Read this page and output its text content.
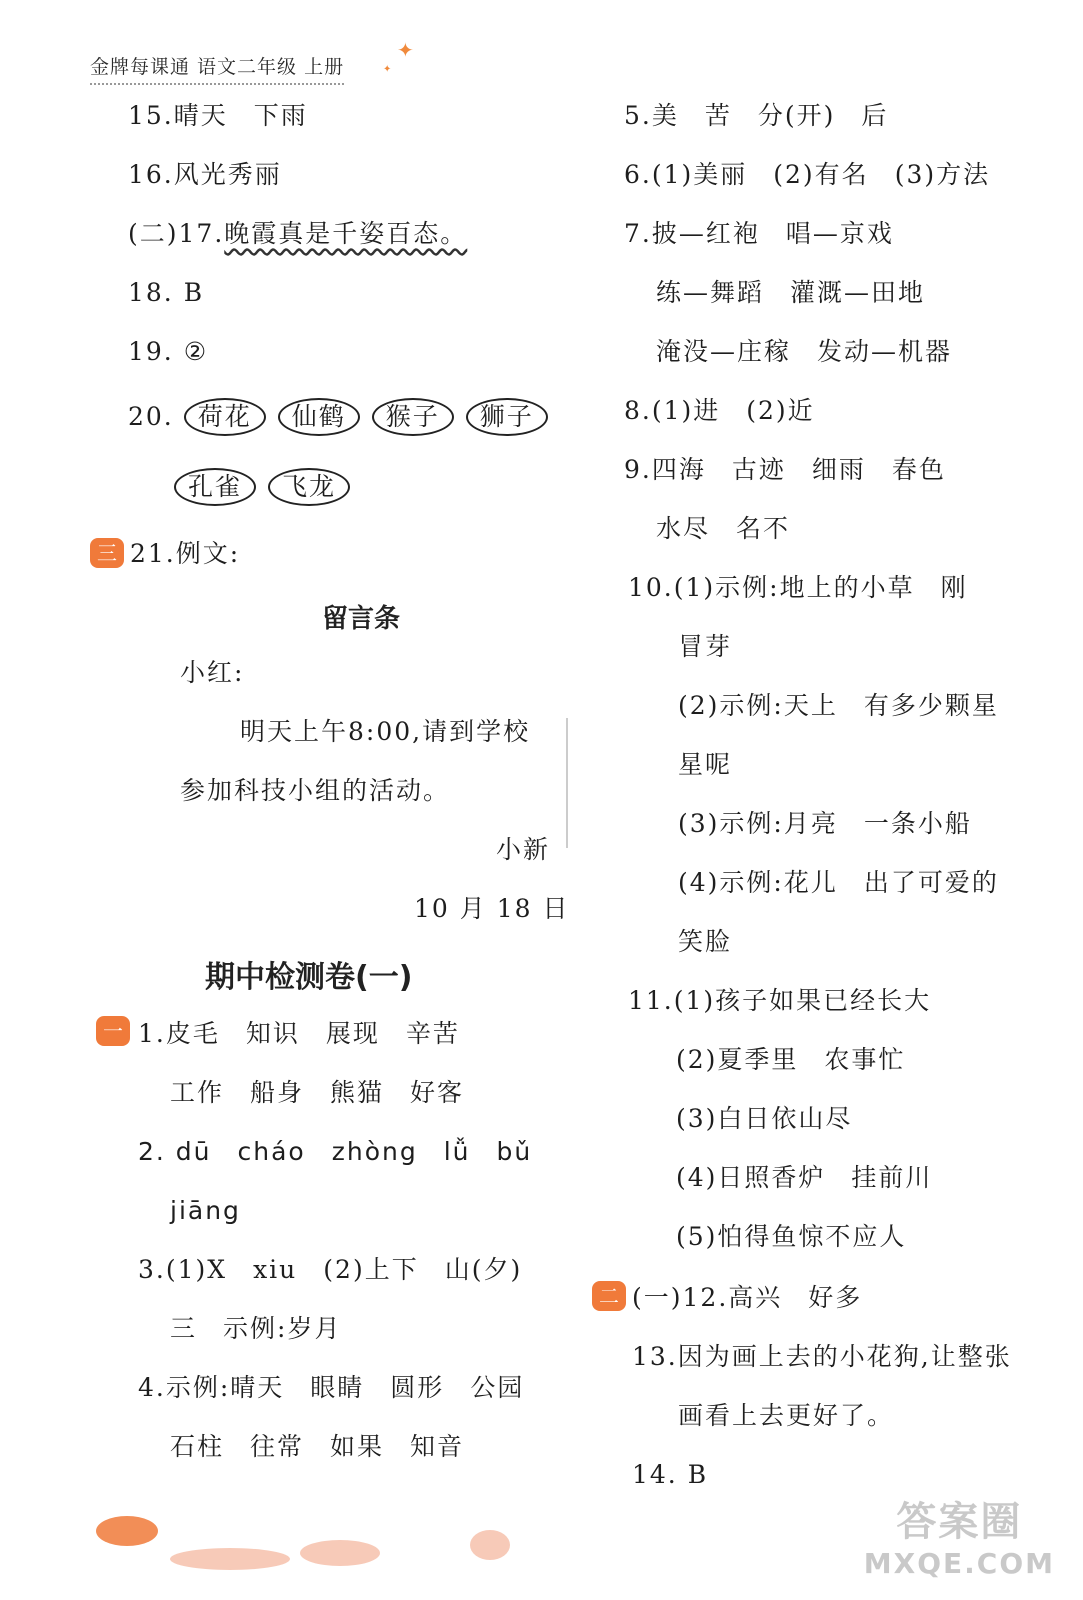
金牌每课通 语文二年级 上册
✦
✦
15.晴天 下雨
16.风光秀丽
(二)17.晚霞真是千姿百态。
18. B
19. ②
20. 荷花 仙鹤 猴子 狮子
孔雀 飞龙
三 21.例文:
留言条
小红:
明天上午8:00,请到学校
参加科技小组的活动。
小新
10 月 18 日
期中检测卷(一)
一 1.皮毛 知识 展现 辛苦
工作 船身 熊猫 好客
2. dū cháo zhòng lǚ bǔ
jiāng
3.(1)X xiu (2)上下 山(夕)
三 示例:岁月
4.示例:晴天 眼睛 圆形 公园
石柱 往常 如果 知音
5.美 苦 分(开) 后
6.(1)美丽 (2)有名 (3)方法
7.披—红袍 唱—京戏
练—舞蹈 灌溉—田地
淹没—庄稼 发动—机器
8.(1)进 (2)近
9.四海 古迹 细雨 春色
水尽 名不
10.(1)示例:地上的小草 刚
冒芽
(2)示例:天上 有多少颗星
星呢
(3)示例:月亮 一条小船
(4)示例:花儿 出了可爱的
笑脸
11.(1)孩子如果已经长大
(2)夏季里 农事忙
(3)白日依山尽
(4)日照香炉 挂前川
(5)怕得鱼惊不应人
二 (一)12.高兴 好多
13.因为画上去的小花狗,让整张
画看上去更好了。
14. B
答案圈
MXQE.COM
